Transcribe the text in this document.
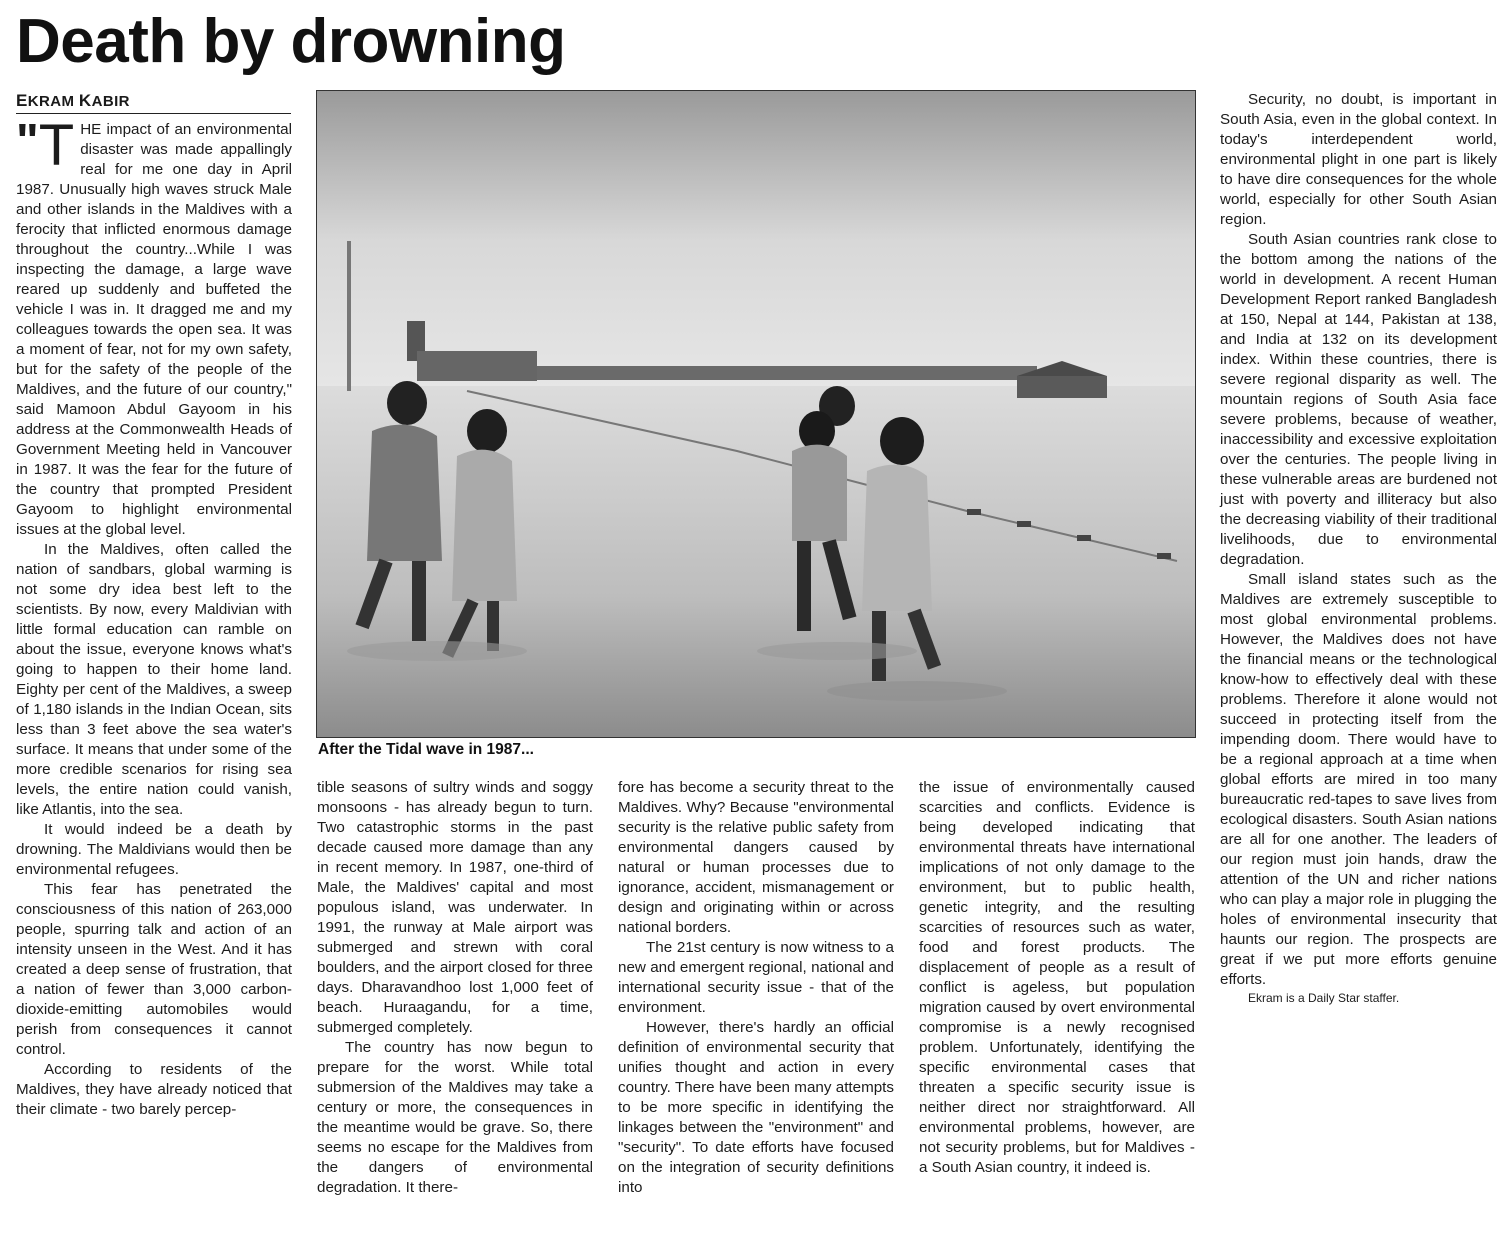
Death by drowning
EKRAM KABIR

"T HE impact of an environmental disaster was made appallingly real for me one day in April 1987. Unusually high waves struck Male and other islands in the Maldives with a ferocity that inflicted enormous damage throughout the country...While I was inspecting the damage, a large wave reared up suddenly and buffeted the vehicle I was in. It dragged me and my colleagues towards the open sea. It was a moment of fear, not for my own safety, but for the safety of the people of the Maldives, and the future of our country," said Mamoon Abdul Gayoom in his address at the Commonwealth Heads of Government Meeting held in Vancouver in 1987. It was the fear for the future of the country that prompted President Gayoom to highlight environmental issues at the global level.

In the Maldives, often called the nation of sandbars, global warming is not some dry idea best left to the scientists. By now, every Maldivian with little formal education can ramble on about the issue, everyone knows what's going to happen to their home land. Eighty per cent of the Maldives, a sweep of 1,180 islands in the Indian Ocean, sits less than 3 feet above the sea water's surface. It means that under some of the more credible scenarios for rising sea levels, the entire nation could vanish, like Atlantis, into the sea.

It would indeed be a death by drowning. The Maldivians would then be environmental refugees.

This fear has penetrated the consciousness of this nation of 263,000 people, spurring talk and action of an intensity unseen in the West. And it has created a deep sense of frustration, that a nation of fewer than 3,000 carbon-dioxide-emitting automobiles would perish from consequences it cannot control.

According to residents of the Maldives, they have already noticed that their climate - two barely percep-

After the Tidal wave in 1987...

tible seasons of sultry winds and soggy monsoons - has already begun to turn. Two catastrophic storms in the past decade caused more damage than any in recent memory. In 1987, one-third of Male, the Maldives' capital and most populous island, was underwater. In 1991, the runway at Male airport was submerged and strewn with coral boulders, and the airport closed for three days. Dharavandhoo lost 1,000 feet of beach. Huraagandu, for a time, submerged completely.

The country has now begun to prepare for the worst. While total submersion of the Maldives may take a century or more, the consequences in the meantime would be grave. So, there seems no escape for the Maldives from the dangers of environmental degradation. It there-

fore has become a security threat to the Maldives. Why? Because "environmental security is the relative public safety from environmental dangers caused by natural or human processes due to ignorance, accident, mismanagement or design and originating within or across national borders.

The 21st century is now witness to a new and emergent regional, national and international security issue - that of the environment.

However, there's hardly an official definition of environmental security that unifies thought and action in every country. There have been many attempts to be more specific in identifying the linkages between the "environment" and "security". To date efforts have focused on the integration of security definitions into

the issue of environmentally caused scarcities and conflicts. Evidence is being developed indicating that environmental threats have international implications of not only damage to the environment, but to public health, genetic integrity, and the resulting scarcities of resources such as water, food and forest products. The displacement of people as a result of conflict is ageless, but population migration caused by overt environmental compromise is a newly recognised problem. Unfortunately, identifying the specific environmental cases that threaten a specific security issue is neither direct nor straightforward. All environmental problems, however, are not security problems, but for Maldives - a South Asian country, it indeed is.

Security, no doubt, is important in South Asia, even in the global context. In today's interdependent world, environmental plight in one part is likely to have dire consequences for the whole world, especially for other South Asian region.

South Asian countries rank close to the bottom among the nations of the world in development. A recent Human Development Report ranked Bangladesh at 150, Nepal at 144, Pakistan at 138, and India at 132 on its development index. Within these countries, there is severe regional disparity as well. The mountain regions of South Asia face severe problems, because of weather, inaccessibility and excessive exploitation over the centuries. The people living in these vulnerable areas are burdened not just with poverty and illiteracy but also the decreasing viability of their traditional livelihoods, due to environmental degradation.

Small island states such as the Maldives are extremely susceptible to most global environmental problems. However, the Maldives does not have the financial means or the technological know-how to effectively deal with these problems. Therefore it alone would not succeed in protecting itself from the impending doom. There would have to be a regional approach at a time when global efforts are mired in too many bureaucratic red-tapes to save lives from ecological disasters. South Asian nations are all for one another. The leaders of our region must join hands, draw the attention of the UN and richer nations who can play a major role in plugging the holes of environmental insecurity that haunts our region. The prospects are great if we put more efforts genuine efforts.

Ekram is a Daily Star staffer.
